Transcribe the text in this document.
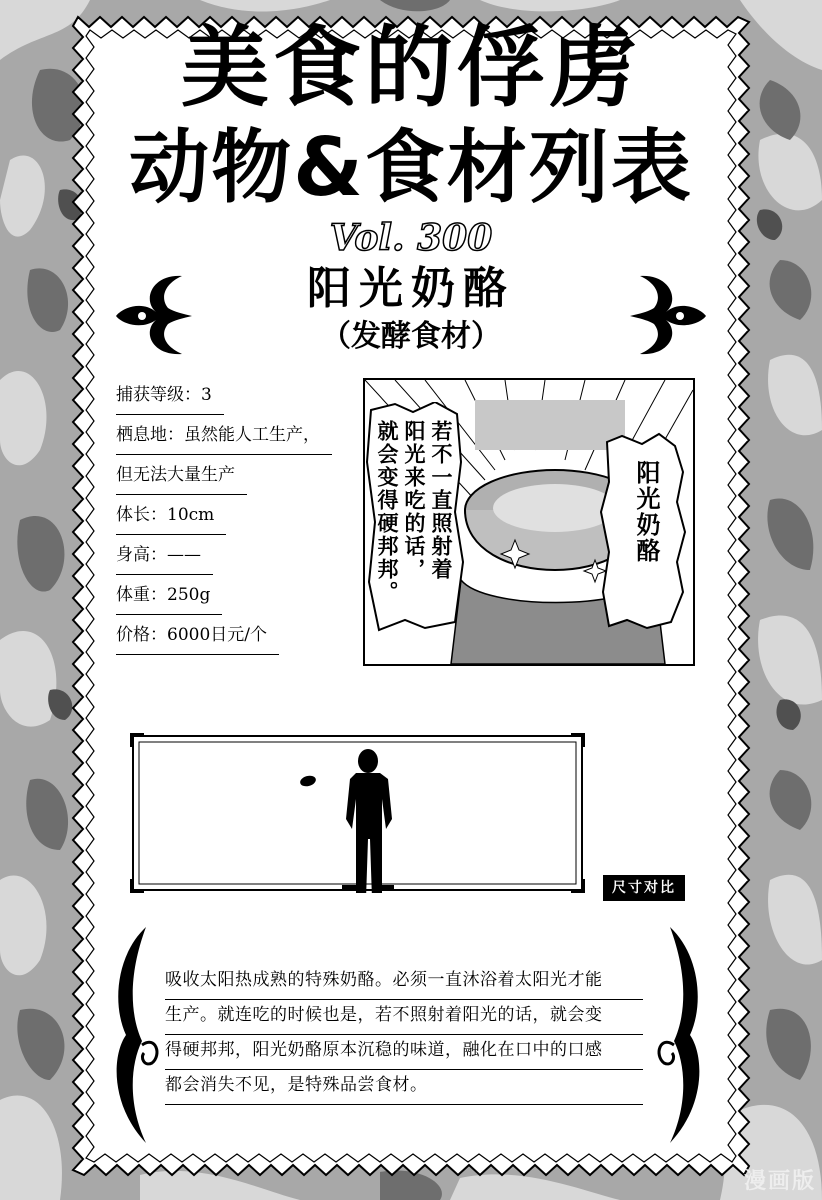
美食的俘虏
动物&食材列表
Vol. 300
阳光奶酪
（发酵食材）
捕获等级：3
栖息地：虽然能人工生产，
但无法大量生产
体长：10cm
身高：——
体重：250g
价格：6000日元/个
阳光奶酪
若不一直照射着
阳光来吃的话，
就会变得硬邦邦。
尺寸对比
吸收太阳热成熟的特殊奶酪。必须一直沐浴着太阳光才能
生产。就连吃的时候也是，若不照射着阳光的话，就会变
得硬邦邦，阳光奶酪原本沉稳的味道，融化在口中的口感
都会消失不见，是特殊品尝食材。
漫画版
